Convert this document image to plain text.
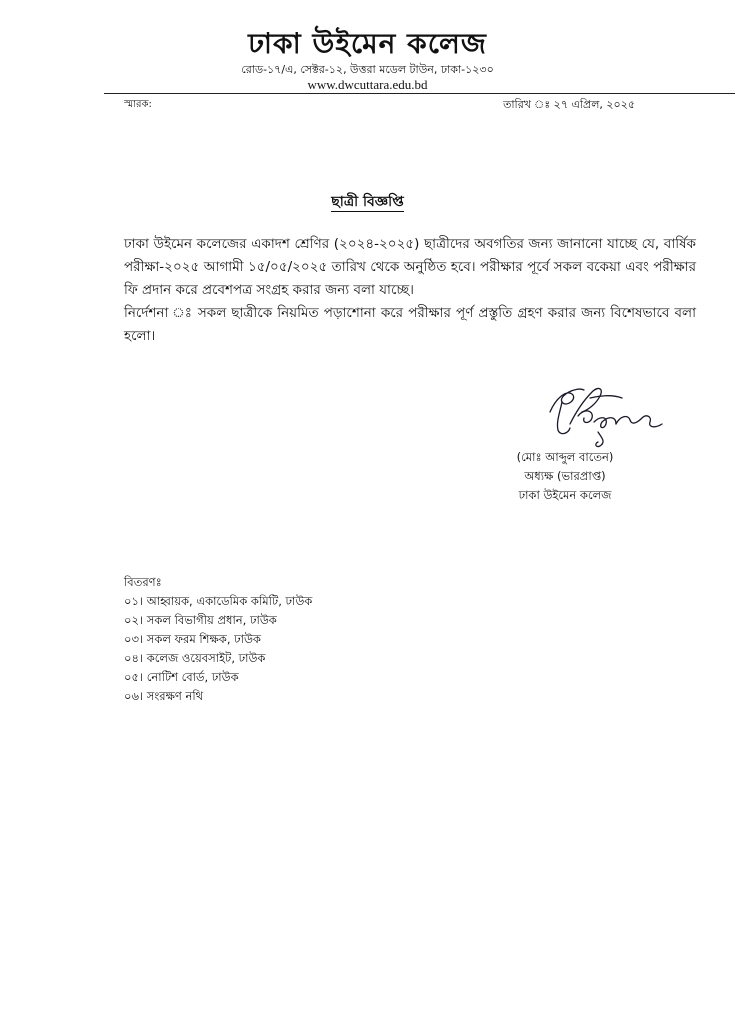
ঢাকা উইমেন কলেজ
রোড-১৭/এ, সেক্টর-১২, উত্তরা মডেল টাউন, ঢাকা-১২৩০
www.dwcuttara.edu.bd
স্মারক:	তারিখ ঃ ২৭ এপ্রিল, ২০২৫
ছাত্রী বিজ্ঞপ্তি

ঢাকা উইমেন কলেজের একাদশ শ্রেণির (২০২৪-২০২৫) ছাত্রীদের অবগতির জন্য জানানো যাচ্ছে যে, বার্ষিক পরীক্ষা-২০২৫ আগামী ১৫/০৫/২০২৫ তারিখ থেকে অনুষ্ঠিত হবে। পরীক্ষার পূর্বে সকল বকেয়া এবং পরীক্ষার ফি প্রদান করে প্রবেশপত্র সংগ্রহ করার জন্য বলা যাচ্ছে।

নির্দেশনা ঃ সকল ছাত্রীকে নিয়মিত পড়াশোনা করে পরীক্ষার পূর্ণ প্রস্তুতি গ্রহণ করার জন্য বিশেষভাবে বলা হলো।

(মোঃ আব্দুল বাতেন)
অধ্যক্ষ (ভারপ্রাপ্ত)
ঢাকা উইমেন কলেজ
বিতরণঃ
০১। আহ্বায়ক, একাডেমিক কমিটি, ঢাউক
০২। সকল বিভাগীয় প্রধান, ঢাউক
০৩। সকল ফরম শিক্ষক, ঢাউক
০৪। কলেজ ওয়েবসাইট, ঢাউক
০৫। নোটিশ বোর্ড, ঢাউক
০৬। সংরক্ষণ নথি
